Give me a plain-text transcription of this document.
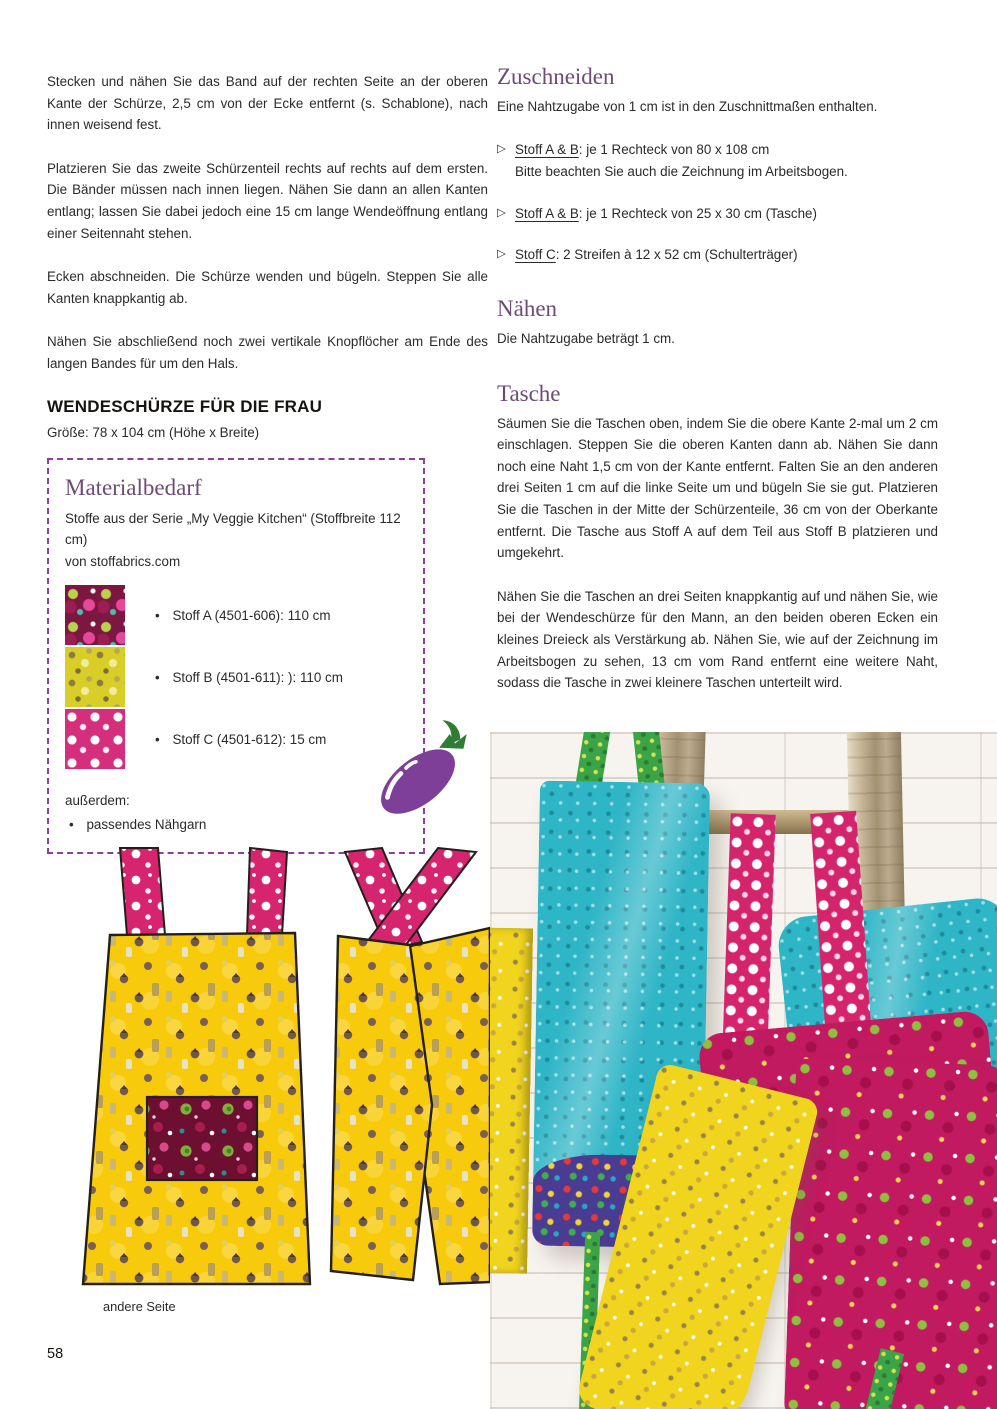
Stecken und nähen Sie das Band auf der rechten Seite an der oberen Kante der Schürze, 2,5 cm von der Ecke entfernt (s. Schablone), nach innen weisend fest.

Platzieren Sie das zweite Schürzenteil rechts auf rechts auf dem ersten. Die Bänder müssen nach innen liegen. Nähen Sie dann an allen Kanten entlang; lassen Sie dabei jedoch eine 15 cm lange Wendeöffnung entlang einer Seitennaht stehen.

Ecken abschneiden. Die Schürze wenden und bügeln. Steppen Sie alle Kanten knappkantig ab.

Nähen Sie abschließend noch zwei vertikale Knopflöcher am Ende des langen Bandes für um den Hals.

WENDESCHÜRZE FÜR DIE FRAU

Größe: 78 x 104 cm (Höhe x Breite)

Materialbedarf

Stoffe aus der Serie „My Veggie Kitchen“ (Stoffbreite 112 cm)

von stoffabrics.com

• Stoff A (4501-606): 110 cm
• Stoff B (4501-611): ): 110 cm
• Stoff C (4501-612): 15 cm
außerdem:
• passendes Nähgarn
Zuschneiden

Eine Nahtzugabe von 1 cm ist in den Zuschnittmaßen enthalten.

▷ Stoff A & B: je 1 Rechteck von 80 x 108 cm
Bitte beachten Sie auch die Zeichnung im Arbeitsbogen.
▷ Stoff A & B: je 1 Rechteck von 25 x 30 cm (Tasche)
▷ Stoff C: 2 Streifen à 12 x 52 cm (Schulterträger)
Nähen

Die Nahtzugabe beträgt 1 cm.

Tasche

Säumen Sie die Taschen oben, indem Sie die obere Kante 2-mal um 2 cm einschlagen. Steppen Sie die oberen Kanten dann ab. Nähen Sie dann noch eine Naht 1,5 cm von der Kante entfernt. Falten Sie an den anderen drei Seiten 1 cm auf die linke Seite um und bügeln Sie sie gut. Platzieren Sie die Taschen in der Mitte der Schürzenteile, 36 cm von der Oberkante entfernt. Die Tasche aus Stoff A auf dem Teil aus Stoff B platzieren und umgekehrt.

Nähen Sie die Taschen an drei Seiten knappkantig auf und nähen Sie, wie bei der Wendeschürze für den Mann, an den beiden oberen Ecken ein kleines Dreieck als Verstärkung ab. Nähen Sie, wie auf der Zeichnung im Arbeitsbogen zu sehen, 13 cm vom Rand entfernt eine weitere Naht, sodass die Tasche in zwei kleinere Taschen unterteilt wird.

andere Seite
58
